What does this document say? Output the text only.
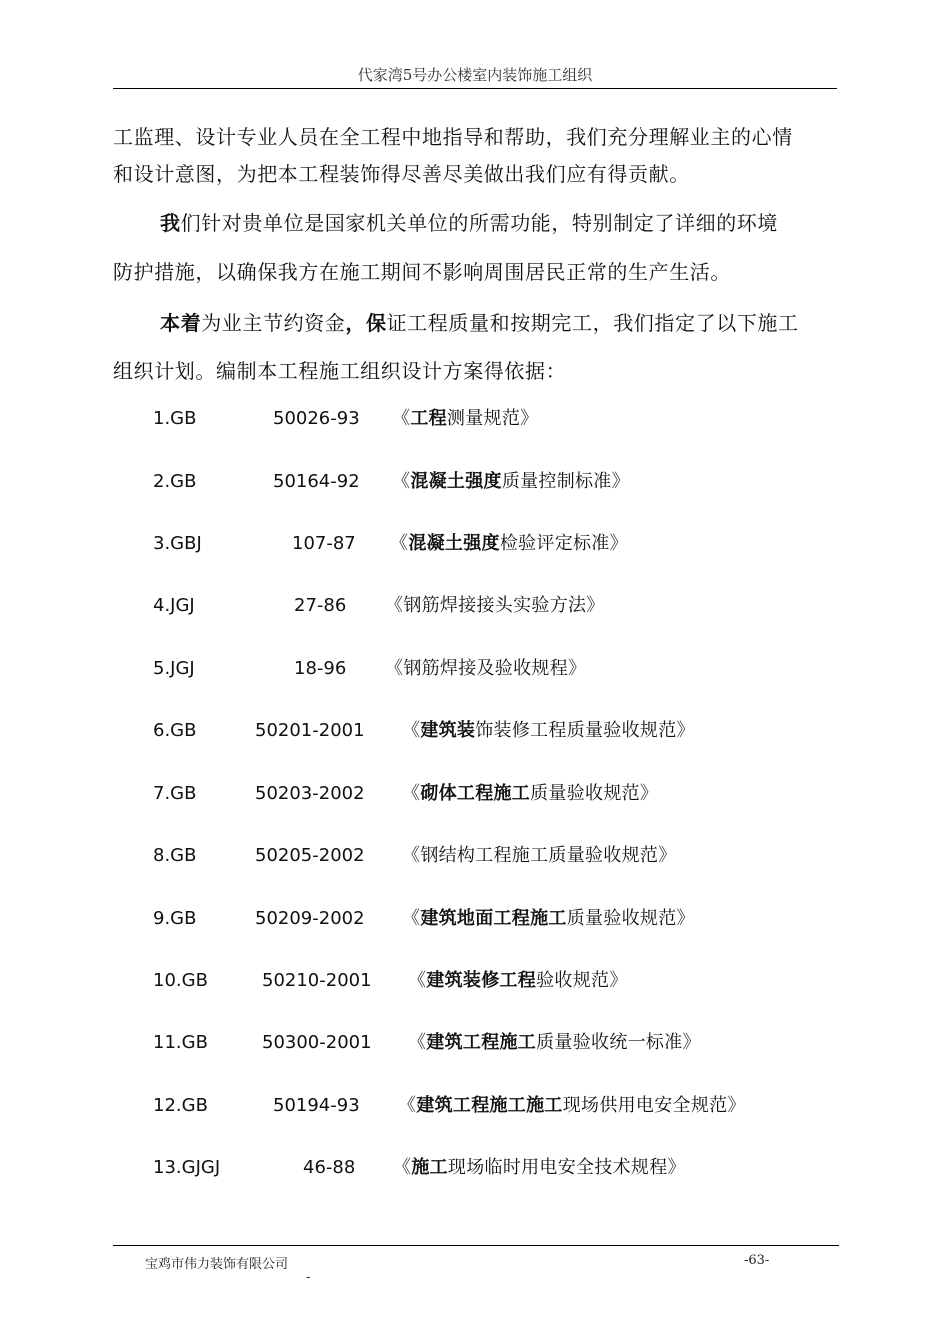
代家湾5号办公楼室内装饰施工组织
工监理、设计专业人员在全工程中地指导和帮助，我们充分理解业主的心情
和设计意图，为把本工程装饰得尽善尽美做出我们应有得贡献。
我们针对贵单位是国家机关单位的所需功能，特别制定了详细的环境
防护措施，以确保我方在施工期间不影响周围居民正常的生产生活。
本着为业主节约资金，保证工程质量和按期完工，我们指定了以下施工
组织计划。编制本工程施工组织设计方案得依据：
1.GB	50026-93 《工程测量规范》
2.GB	50164-92 《混凝土强度质量控制标准》
3.GBJ	107-87 《混凝土强度检验评定标准》
4.JGJ	27-86 《钢筋焊接接头实验方法》
5.JGJ	18-96 《钢筋焊接及验收规程》
6.GB	50201-2001 《建筑装饰装修工程质量验收规范》
7.GB	50203-2002 《砌体工程施工质量验收规范》
8.GB	50205-2002 《钢结构工程施工质量验收规范》
9.GB	50209-2002 《建筑地面工程施工质量验收规范》
10.GB	50210-2001 《建筑装修工程验收规范》
11.GB	50300-2001 《建筑工程施工质量验收统一标准》
12.GB	50194-93 《建筑工程施工施工现场供用电安全规范》
13.GJGJ	46-88 《施工现场临时用电安全技术规程》
宝鸡市伟力装饰有限公司	-63-
-
